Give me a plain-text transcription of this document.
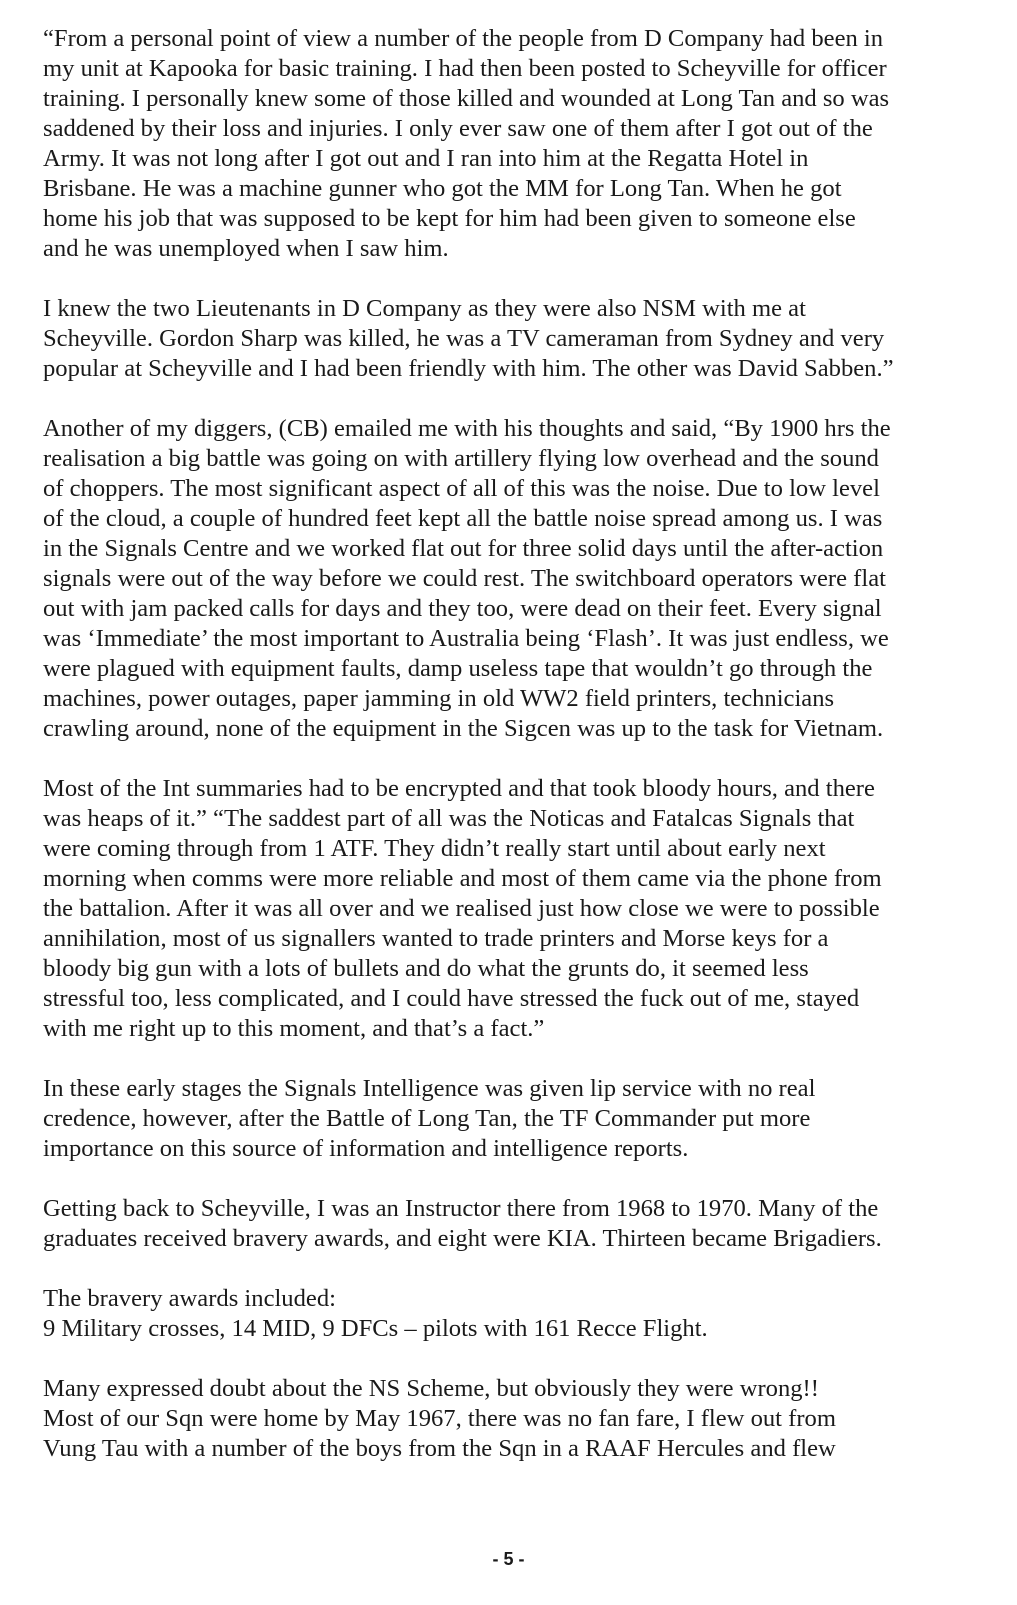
“From a personal point of view a number of the people from D Company had been in
my unit at Kapooka for basic training. I had then been posted to Scheyville for officer
training. I personally knew some of those killed and wounded at Long Tan and so was
saddened by their loss and injuries. I only ever saw one of them after I got out of the
Army. It was not long after I got out and I ran into him at the Regatta Hotel in
Brisbane. He was a machine gunner who got the MM for Long Tan. When he got
home his job that was supposed to be kept for him had been given to someone else
and he was unemployed when I saw him.
I knew the two Lieutenants in D Company as they were also NSM with me at
Scheyville. Gordon Sharp was killed, he was a TV cameraman from Sydney and very
popular at Scheyville and I had been friendly with him. The other was David Sabben.”
Another of my diggers, (CB) emailed me with his thoughts and said, “By 1900 hrs the
realisation a big battle was going on with artillery flying low overhead and the sound
of choppers. The most significant aspect of all of this was the noise. Due to low level
of the cloud, a couple of hundred feet kept all the battle noise spread among us. I was
in the Signals Centre and we worked flat out for three solid days until the after-action
signals were out of the way before we could rest. The switchboard operators were flat
out with jam packed calls for days and they too, were dead on their feet. Every signal
was ‘Immediate’ the most important to Australia being ‘Flash’. It was just endless, we
were plagued with equipment faults, damp useless tape that wouldn’t go through the
machines, power outages, paper jamming in old WW2 field printers, technicians
crawling around, none of the equipment in the Sigcen was up to the task for Vietnam.
Most of the Int summaries had to be encrypted and that took bloody hours, and there
was heaps of it.” “The saddest part of all was the Noticas and Fatalcas Signals that
were coming through from 1 ATF. They didn’t really start until about early next
morning when comms were more reliable and most of them came via the phone from
the battalion. After it was all over and we realised just how close we were to possible
annihilation, most of us signallers wanted to trade printers and Morse keys for a
bloody big gun with a lots of bullets and do what the grunts do, it seemed less
stressful too, less complicated, and I could have stressed the fuck out of me, stayed
with me right up to this moment, and that’s a fact.”
In these early stages the Signals Intelligence was given lip service with no real
credence, however, after the Battle of Long Tan, the TF Commander put more
importance on this source of information and intelligence reports.
Getting back to Scheyville, I was an Instructor there from 1968 to 1970. Many of the
graduates received bravery awards, and eight were KIA. Thirteen became Brigadiers.
The bravery awards included:
9 Military crosses, 14 MID, 9 DFCs – pilots with 161 Recce Flight.
Many expressed doubt about the NS Scheme, but obviously they were wrong!!
Most of our Sqn were home by May 1967, there was no fan fare, I flew out from
Vung Tau with a number of the boys from the Sqn in a RAAF Hercules and flew
- 5 -
